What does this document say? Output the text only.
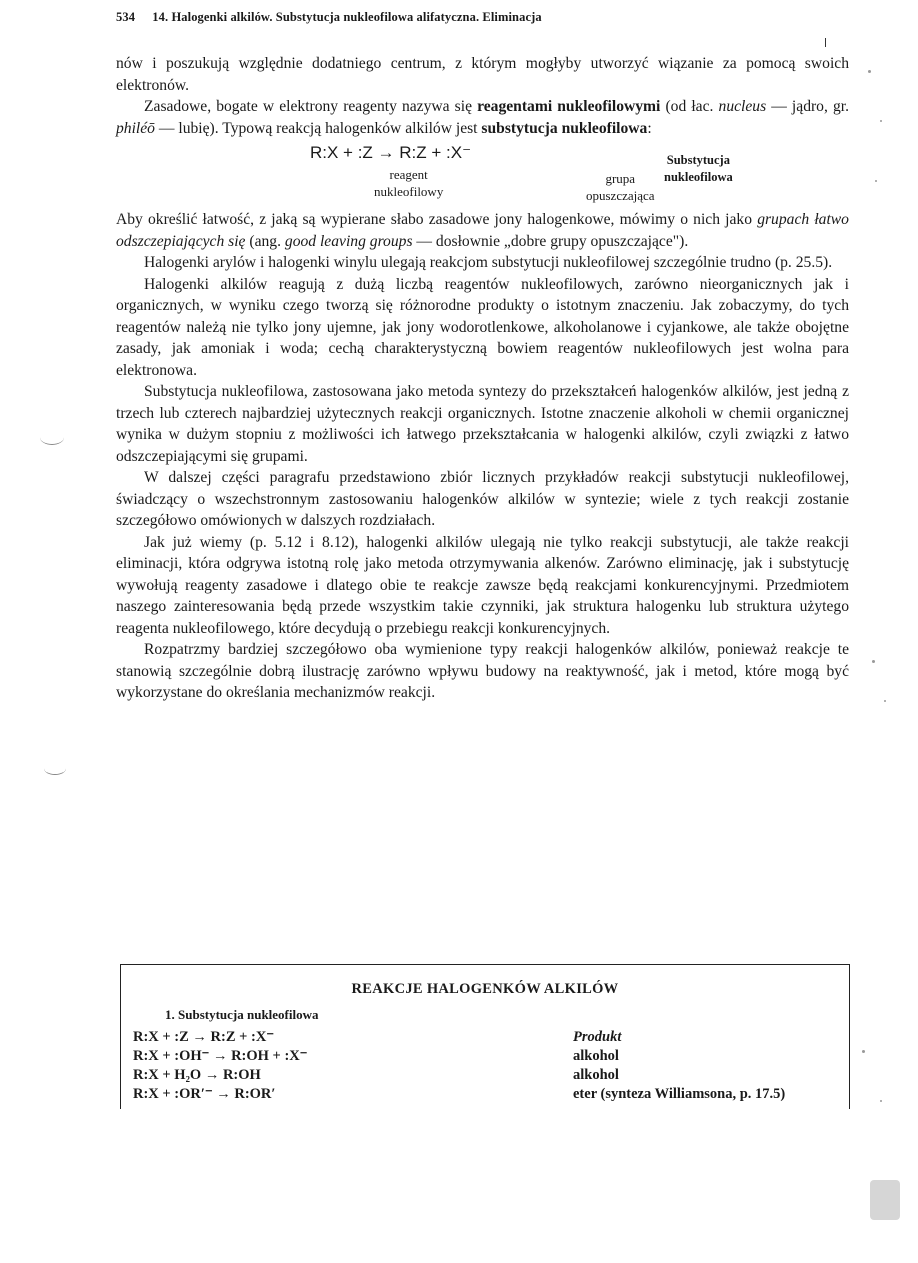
534 14. Halogenki alkilów. Substytucja nukleofilowa alifatyczna. Eliminacja

nów i poszukują względnie dodatniego centrum, z którym mogłyby utworzyć wiązanie za pomocą swoich elektronów.

Zasadowe, bogate w elektrony reagenty nazywa się reagentami nukleofilowymi (od łac. nucleus — jądro, gr. philéō — lubię). Typową reakcją halogenków alkilów jest substytucja nukleofilowa:

R:X + :Z → R:Z + :X⁻
reagent
nukleofilowy
grupa
opuszczająca
Substytucja
nukleofilowa

Aby określić łatwość, z jaką są wypierane słabo zasadowe jony halogenkowe, mówimy o nich jako grupach łatwo odszczepiających się (ang. good leaving groups — dosłownie „dobre grupy opuszczające").

Halogenki arylów i halogenki winylu ulegają reakcjom substytucji nukleofilowej szczególnie trudno (p. 25.5).

Halogenki alkilów reagują z dużą liczbą reagentów nukleofilowych, zarówno nieorganicznych jak i organicznych, w wyniku czego tworzą się różnorodne produkty o istotnym znaczeniu. Jak zobaczymy, do tych reagentów należą nie tylko jony ujemne, jak jony wodorotlenkowe, alkoholanowe i cyjankowe, ale także obojętne zasady, jak amoniak i woda; cechą charakterystyczną bowiem reagentów nukleofilowych jest wolna para elektronowa.

Substytucja nukleofilowa, zastosowana jako metoda syntezy do przekształceń halogenków alkilów, jest jedną z trzech lub czterech najbardziej użytecznych reakcji organicznych. Istotne znaczenie alkoholi w chemii organicznej wynika w dużym stopniu z możliwości ich łatwego przekształcania w halogenki alkilów, czyli związki z łatwo odszczepiającymi się grupami.

W dalszej części paragrafu przedstawiono zbiór licznych przykładów reakcji substytucji nukleofilowej, świadczący o wszechstronnym zastosowaniu halogenków alkilów w syntezie; wiele z tych reakcji zostanie szczegółowo omówionych w dalszych rozdziałach.

Jak już wiemy (p. 5.12 i 8.12), halogenki alkilów ulegają nie tylko reakcji substytucji, ale także reakcji eliminacji, która odgrywa istotną rolę jako metoda otrzymywania alkenów. Zarówno eliminację, jak i substytucję wywołują reagenty zasadowe i dlatego obie te reakcje zawsze będą reakcjami konkurencyjnymi. Przedmiotem naszego zainteresowania będą przede wszystkim takie czynniki, jak struktura halogenku lub struktura użytego reagenta nukleofilowego, które decydują o przebiegu reakcji konkurencyjnych.

Rozpatrzmy bardziej szczegółowo oba wymienione typy reakcji halogenków alkilów, ponieważ reakcje te stanowią szczególnie dobrą ilustrację zarówno wpływu budowy na reaktywność, jak i metod, które mogą być wykorzystane do określania mechanizmów reakcji.

REAKCJE HALOGENKÓW ALKILÓW
1. Substytucja nukleofilowa
R:X + :Z → R:Z + :X⁻	Produkt
R:X + :OH⁻ → R:OH + :X⁻	alkohol
R:X + H₂O → R:OH	alkohol
R:X + :OR′⁻ → R:OR′	eter (synteza Williamsona, p. 17.5)
